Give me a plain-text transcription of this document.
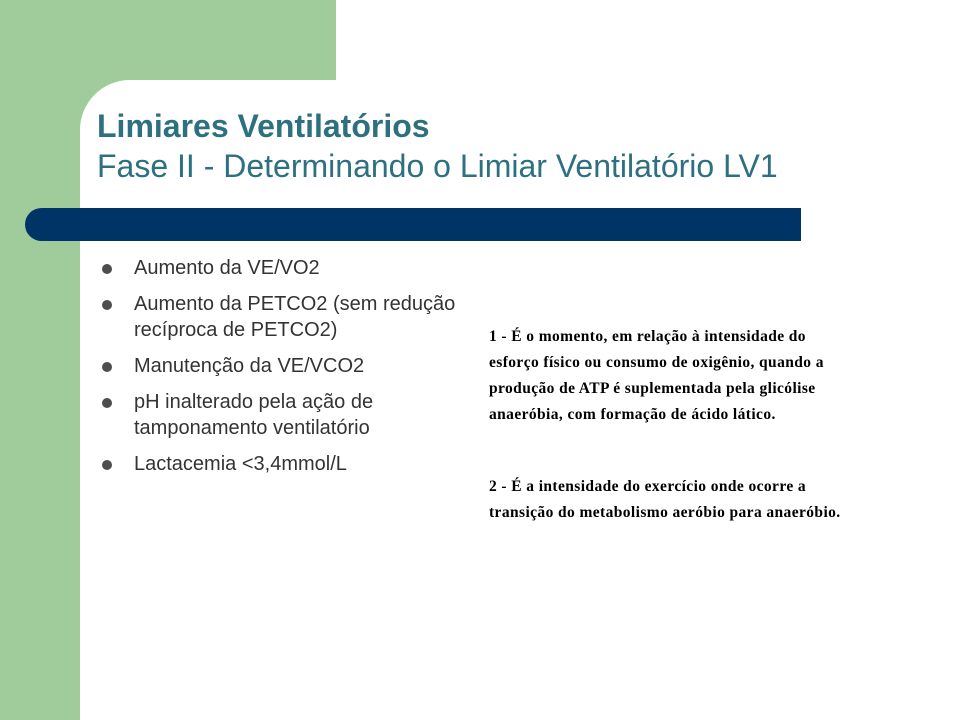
Limiares Ventilatórios
Fase II - Determinando o Limiar Ventilatório LV1
Aumento da VE/VO2
Aumento da PETCO2 (sem redução recíproca de PETCO2)
Manutenção da VE/VCO2
pH inalterado pela ação de tamponamento ventilatório
Lactacemia <3,4mmol/L
1 - É o momento, em relação à intensidade do
esforço físico ou consumo de oxigênio, quando a
produção de ATP é suplementada pela glicólise
anaeróbia, com formação de ácido lático.
2 - É a intensidade do exercício onde ocorre a
transição do metabolismo aeróbio para anaeróbio.
